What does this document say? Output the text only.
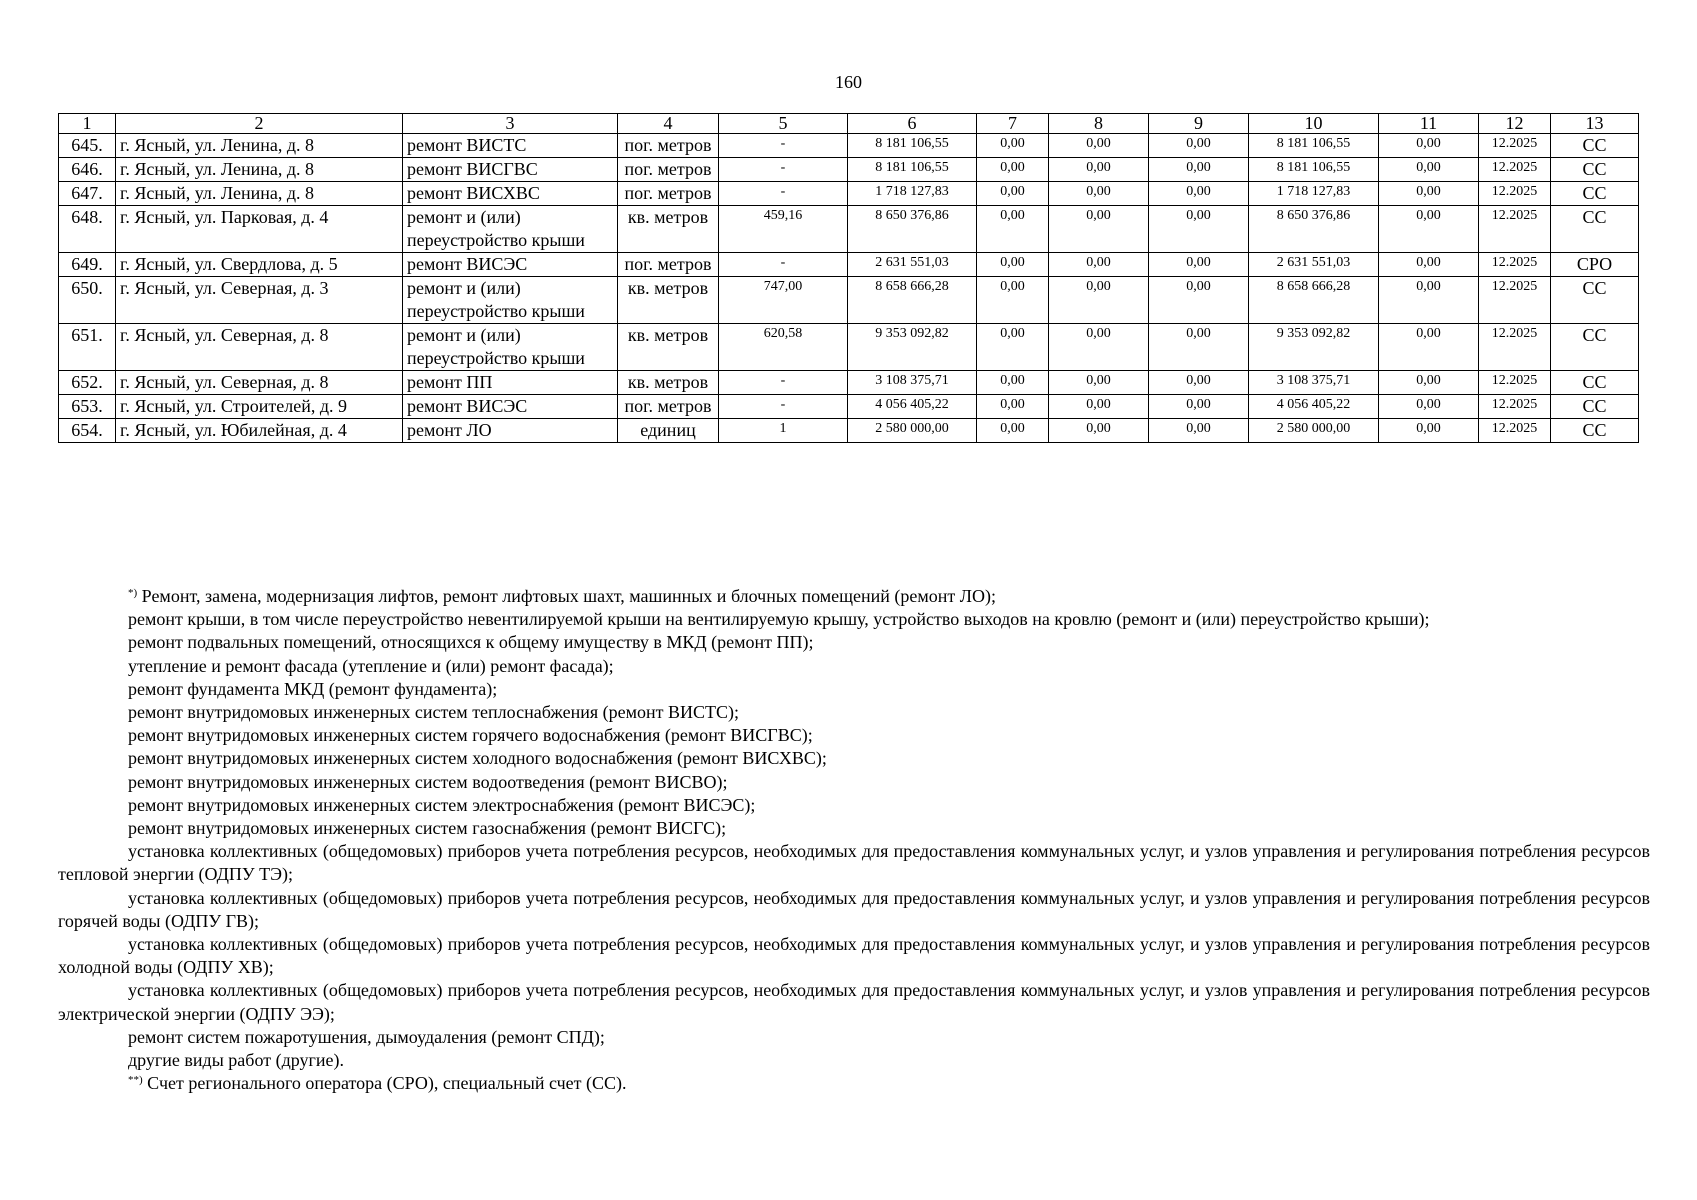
160
1	2	3	4	5	6	7	8	9	10	11	12	13
645.	г. Ясный, ул. Ленина, д. 8	ремонт ВИСТС	пог. метров	-	8 181 106,55	0,00	0,00	0,00	8 181 106,55	0,00	12.2025	СС
646.	г. Ясный, ул. Ленина, д. 8	ремонт ВИСГВС	пог. метров	-	8 181 106,55	0,00	0,00	0,00	8 181 106,55	0,00	12.2025	СС
647.	г. Ясный, ул. Ленина, д. 8	ремонт ВИСХВС	пог. метров	-	1 718 127,83	0,00	0,00	0,00	1 718 127,83	0,00	12.2025	СС
648.	г. Ясный, ул. Парковая, д. 4	ремонт и (или) переустройство крыши	кв. метров	459,16	8 650 376,86	0,00	0,00	0,00	8 650 376,86	0,00	12.2025	СС
649.	г. Ясный, ул. Свердлова, д. 5	ремонт ВИСЭС	пог. метров	-	2 631 551,03	0,00	0,00	0,00	2 631 551,03	0,00	12.2025	СРО
650.	г. Ясный, ул. Северная, д. 3	ремонт и (или) переустройство крыши	кв. метров	747,00	8 658 666,28	0,00	0,00	0,00	8 658 666,28	0,00	12.2025	СС
651.	г. Ясный, ул. Северная, д. 8	ремонт и (или) переустройство крыши	кв. метров	620,58	9 353 092,82	0,00	0,00	0,00	9 353 092,82	0,00	12.2025	СС
652.	г. Ясный, ул. Северная, д. 8	ремонт ПП	кв. метров	-	3 108 375,71	0,00	0,00	0,00	3 108 375,71	0,00	12.2025	СС
653.	г. Ясный, ул. Строителей, д. 9	ремонт ВИСЭС	пог. метров	-	4 056 405,22	0,00	0,00	0,00	4 056 405,22	0,00	12.2025	СС
654.	г. Ясный, ул. Юбилейная, д. 4	ремонт ЛО	единиц	1	2 580 000,00	0,00	0,00	0,00	2 580 000,00	0,00	12.2025	СС

*) Ремонт, замена, модернизация лифтов, ремонт лифтовых шахт, машинных и блочных помещений (ремонт ЛО);

ремонт крыши, в том числе переустройство невентилируемой крыши на вентилируемую крышу, устройство выходов на кровлю (ремонт и (или) переустройство крыши);

ремонт подвальных помещений, относящихся к общему имуществу в МКД (ремонт ПП);

утепление и ремонт фасада (утепление и (или) ремонт фасада);

ремонт фундамента МКД (ремонт фундамента);

ремонт внутридомовых инженерных систем теплоснабжения (ремонт ВИСТС);

ремонт внутридомовых инженерных систем горячего водоснабжения (ремонт ВИСГВС);

ремонт внутридомовых инженерных систем холодного водоснабжения (ремонт ВИСХВС);

ремонт внутридомовых инженерных систем водоотведения (ремонт ВИСВО);

ремонт внутридомовых инженерных систем электроснабжения (ремонт ВИСЭС);

ремонт внутридомовых инженерных систем газоснабжения (ремонт ВИСГС);

установка коллективных (общедомовых) приборов учета потребления ресурсов, необходимых для предоставления коммунальных услуг, и узлов управления и регулирования потребления ресурсов тепловой энергии (ОДПУ ТЭ);

установка коллективных (общедомовых) приборов учета потребления ресурсов, необходимых для предоставления коммунальных услуг, и узлов управления и регулирования потребления ресурсов горячей воды (ОДПУ ГВ);

установка коллективных (общедомовых) приборов учета потребления ресурсов, необходимых для предоставления коммунальных услуг, и узлов управления и регулирования потребления ресурсов холодной воды (ОДПУ ХВ);

установка коллективных (общедомовых) приборов учета потребления ресурсов, необходимых для предоставления коммунальных услуг, и узлов управления и регулирования потребления ресурсов электрической энергии (ОДПУ ЭЭ);

ремонт систем пожаротушения, дымоудаления (ремонт СПД);

другие виды работ (другие).

**) Счет регионального оператора (СРО), специальный счет (СС).
